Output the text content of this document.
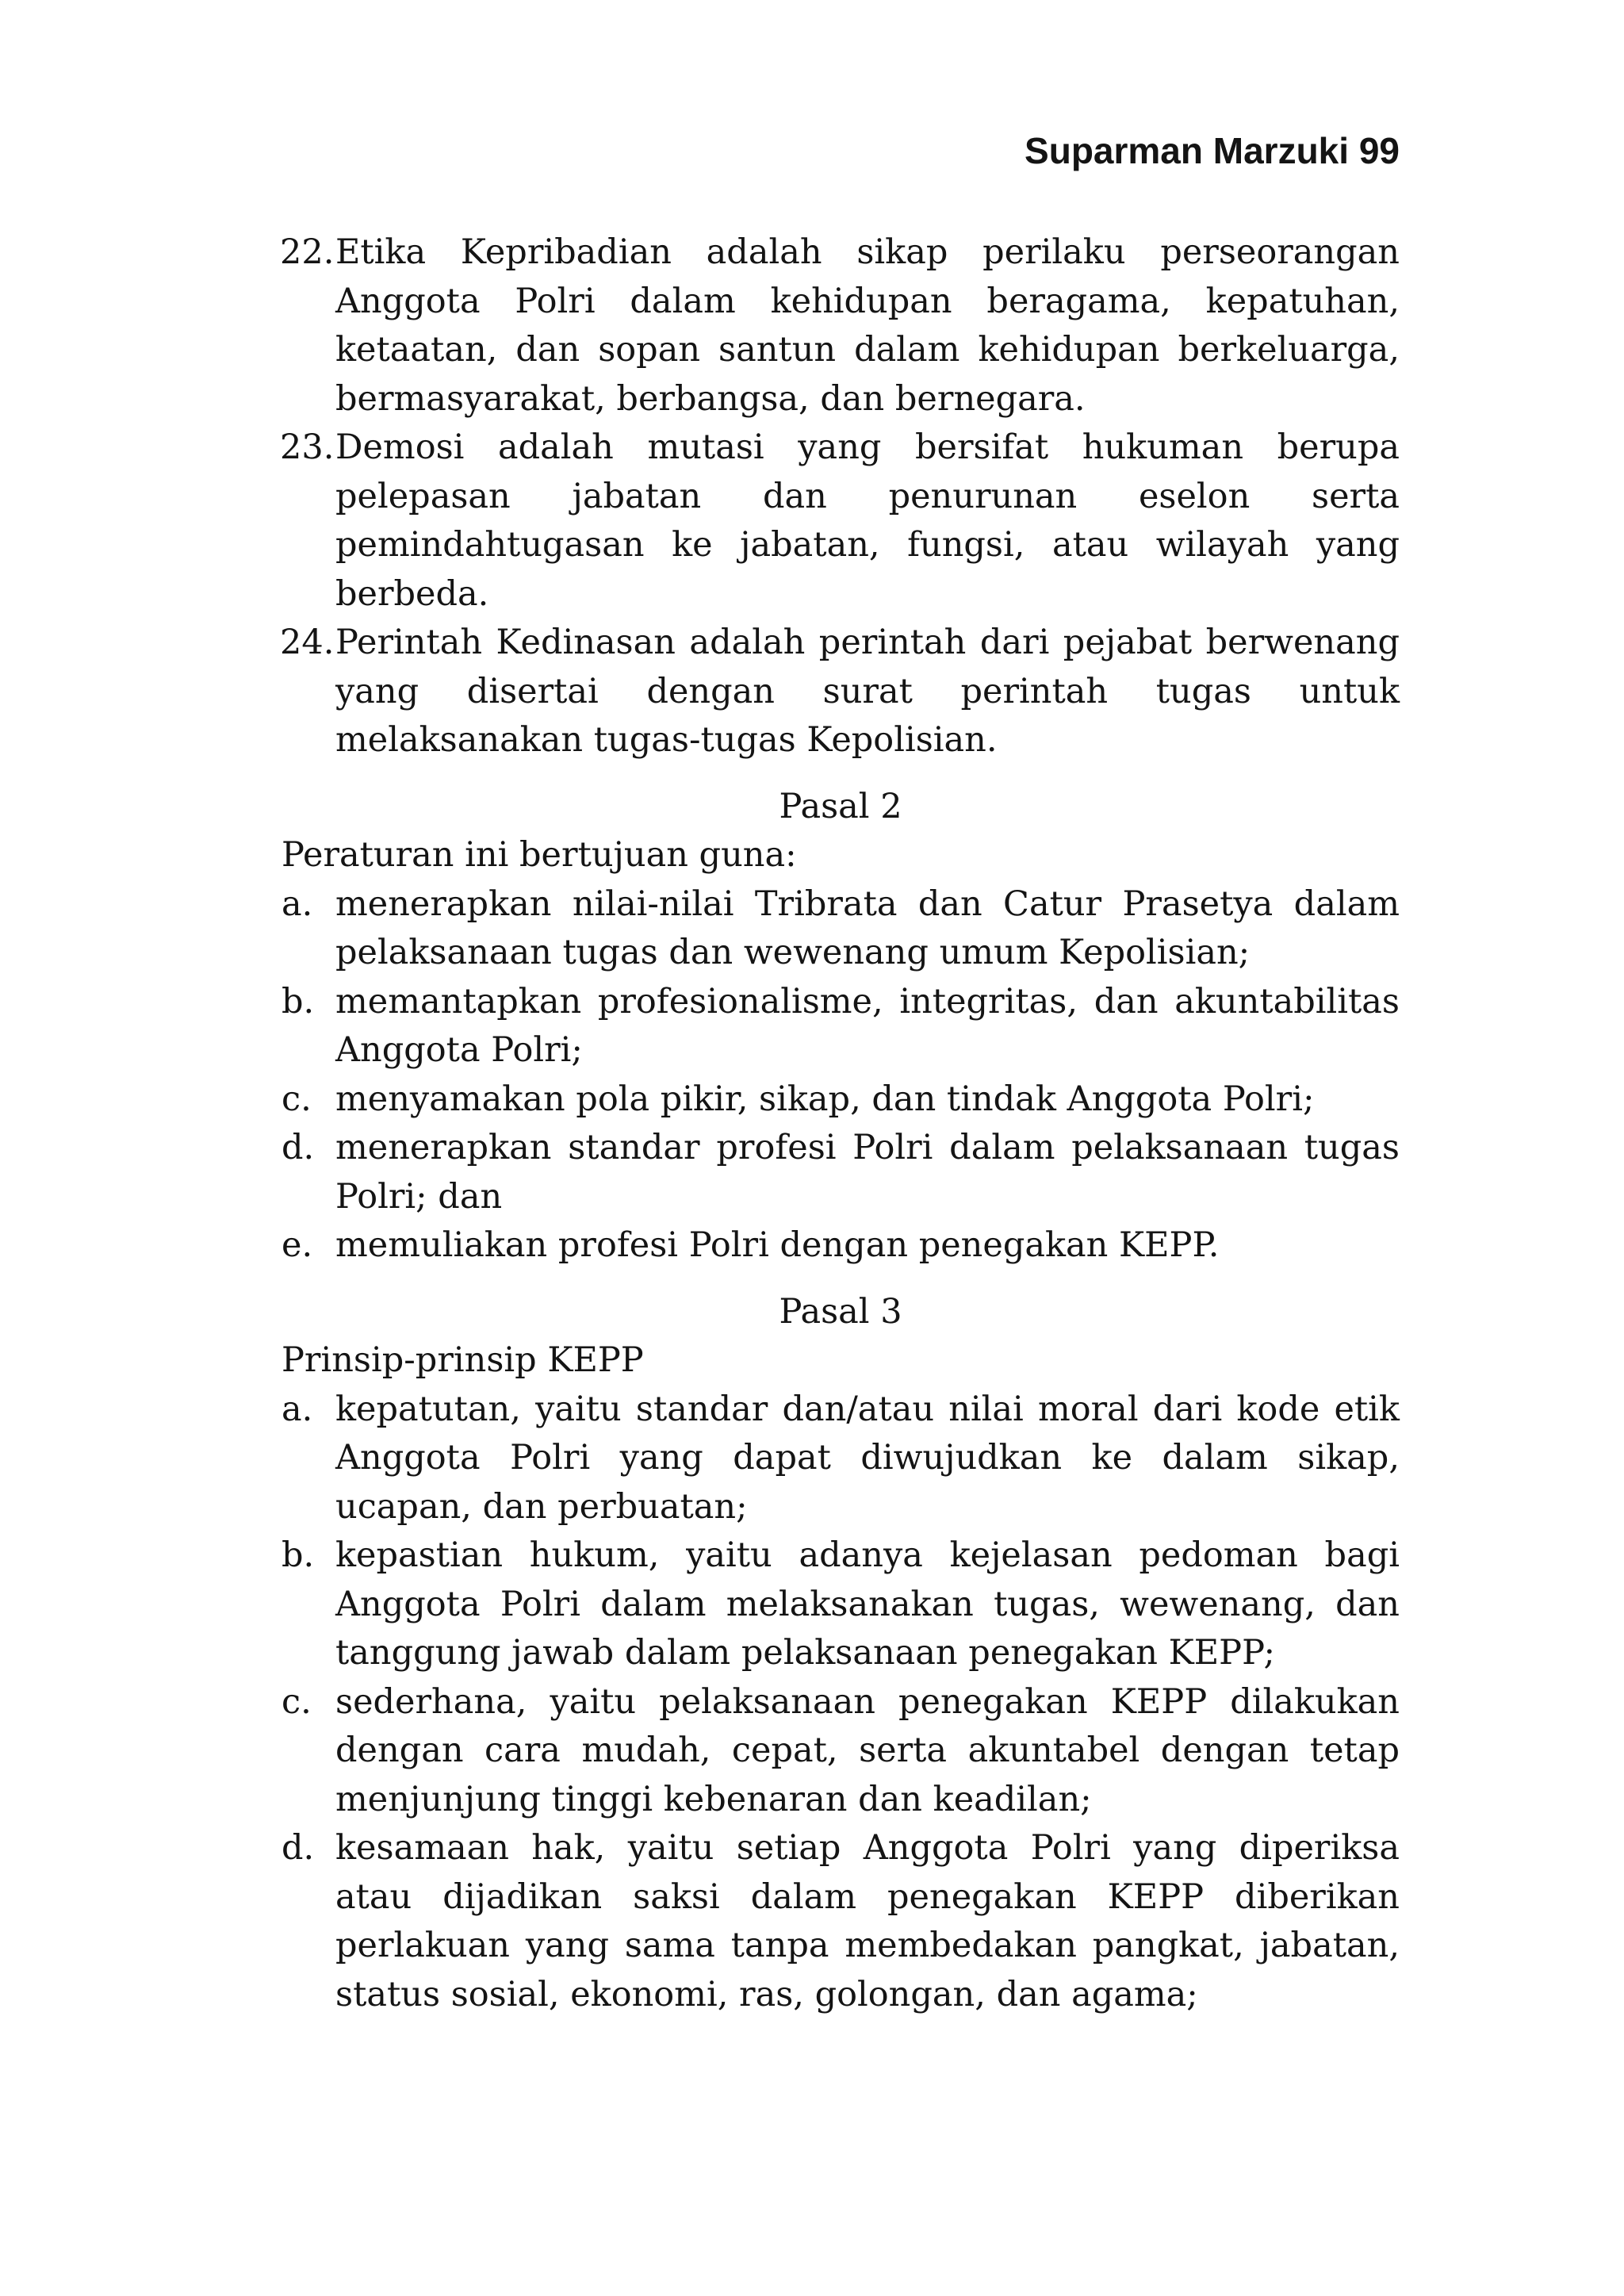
Suparman Marzuki 99
22. Etika Kepribadian adalah sikap perilaku perseorangan Anggota Polri dalam kehidupan beragama, kepatuhan, ketaatan, dan sopan santun dalam kehidupan berkeluarga, bermasyarakat, berbangsa, dan bernegara.
23. Demosi adalah mutasi yang bersifat hukuman berupa pelepasan jabatan dan penurunan eselon serta pemindahtugasan ke jabatan, fungsi, atau wilayah yang berbeda.
24. Perintah Kedinasan adalah perintah dari pejabat berwenang yang disertai dengan surat perintah tugas untuk melaksanakan tugas-tugas Kepolisian.
Pasal 2
Peraturan ini bertujuan guna:
a. menerapkan nilai-nilai Tribrata dan Catur Prasetya dalam pelaksanaan tugas dan wewenang umum Kepolisian;
b. memantapkan profesionalisme, integritas, dan akuntabilitas Anggota Polri;
c. menyamakan pola pikir, sikap, dan tindak Anggota Polri;
d. menerapkan standar profesi Polri dalam pelaksanaan tugas Polri; dan
e. memuliakan profesi Polri dengan penegakan KEPP.
Pasal 3
Prinsip-prinsip KEPP
a. kepatutan, yaitu standar dan/atau nilai moral dari kode etik Anggota Polri yang dapat diwujudkan ke dalam sikap, ucapan, dan perbuatan;
b. kepastian hukum, yaitu adanya kejelasan pedoman bagi Anggota Polri dalam melaksanakan tugas, wewenang, dan tanggung jawab dalam pelaksanaan penegakan KEPP;
c. sederhana, yaitu pelaksanaan penegakan KEPP dilakukan dengan cara mudah, cepat, serta akuntabel dengan tetap menjunjung tinggi kebenaran dan keadilan;
d. kesamaan hak, yaitu setiap Anggota Polri yang diperiksa atau dijadikan saksi dalam penegakan KEPP diberikan perlakuan yang sama tanpa membedakan pangkat, jabatan, status sosial, ekonomi, ras, golongan, dan agama;
